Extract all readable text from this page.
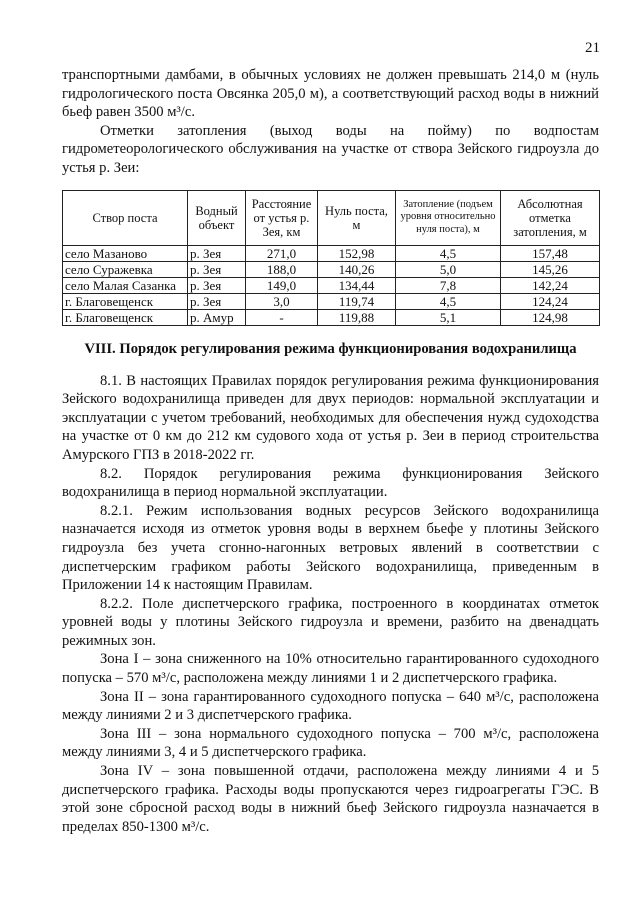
21

транспортными дамбами, в обычных условиях не должен превышать 214,0 м (нуль гидрологического поста Овсянка 205,0 м), а соответствующий расход воды в нижний бьеф равен 3500 м³/с.

Отметки затопления (выход воды на пойму) по водпостам гидрометеорологического обслуживания на участке от створа Зейского гидроузла до устья р. Зеи:

Створ поста	Водный объект	Расстояние от устья р. Зея, км	Нуль поста, м	Затопление (подъем уровня относительно нуля поста), м	Абсолютная отметка затопления, м
село Мазаново	р. Зея	271,0	152,98	4,5	157,48
село Суражевка	р. Зея	188,0	140,26	5,0	145,26
село Малая Сазанка	р. Зея	149,0	134,44	7,8	142,24
г. Благовещенск	р. Зея	3,0	119,74	4,5	124,24
г. Благовещенск	р. Амур	-	119,88	5,1	124,98
VIII. Порядок регулирования режима функционирования водохранилища

8.1. В настоящих Правилах порядок регулирования режима функционирования Зейского водохранилища приведен для двух периодов: нормальной эксплуатации и эксплуатации с учетом требований, необходимых для обеспечения нужд судоходства на участке от 0 км до 212 км судового хода от устья р. Зеи в период строительства Амурского ГПЗ в 2018-2022 гг.

8.2. Порядок регулирования режима функционирования Зейского водохранилища в период нормальной эксплуатации.

8.2.1. Режим использования водных ресурсов Зейского водохранилища назначается исходя из отметок уровня воды в верхнем бьефе у плотины Зейского гидроузла без учета сгонно-нагонных ветровых явлений в соответствии с диспетчерским графиком работы Зейского водохранилища, приведенным в Приложении 14 к настоящим Правилам.

8.2.2. Поле диспетчерского графика, построенного в координатах отметок уровней воды у плотины Зейского гидроузла и времени, разбито на двенадцать режимных зон.

Зона I – зона сниженного на 10% относительно гарантированного судоходного попуска – 570 м³/с, расположена между линиями 1 и 2 диспетчерского графика.

Зона II – зона гарантированного судоходного попуска – 640 м³/с, расположена между линиями 2 и 3 диспетчерского графика.

Зона III – зона нормального судоходного попуска – 700 м³/с, расположена между линиями 3, 4 и 5 диспетчерского графика.

Зона IV – зона повышенной отдачи, расположена между линиями 4 и 5 диспетчерского графика. Расходы воды пропускаются через гидроагрегаты ГЭС. В этой зоне сбросной расход воды в нижний бьеф Зейского гидроузла назначается в пределах 850-1300 м³/с.
